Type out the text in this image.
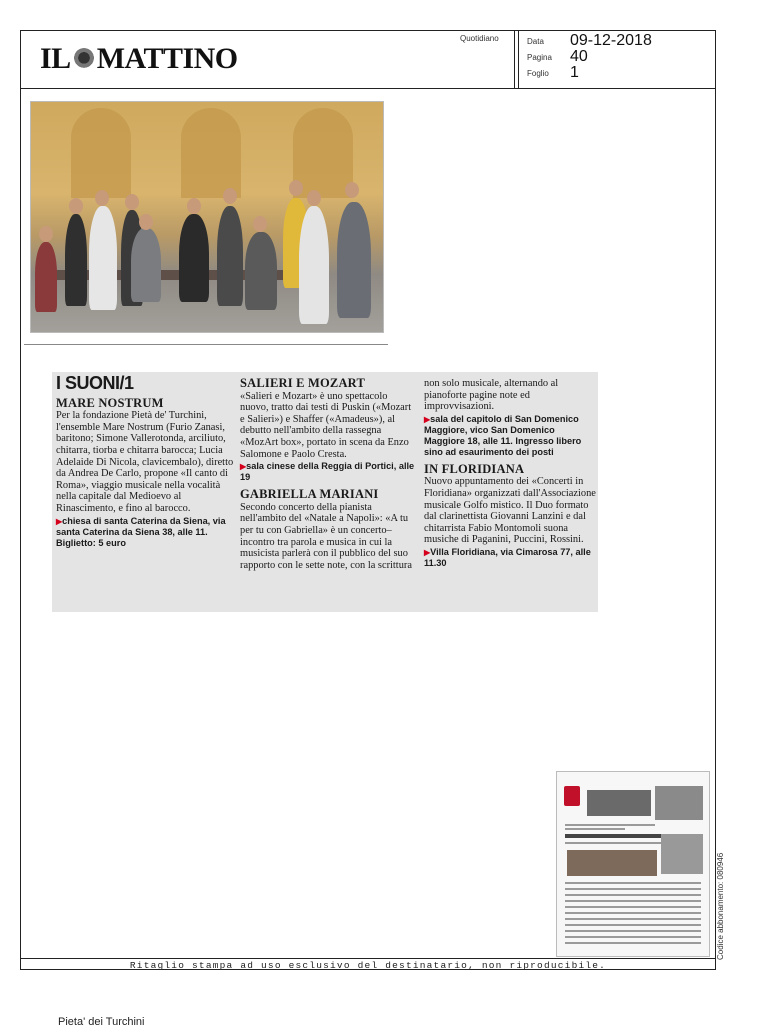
IL MATTINO
Quotidiano	Data 09-12-2018
Pagina 40
Foglio 1

I SUONI/1

MARE NOSTRUM

Per la fondazione Pietà de' Turchini, l'ensemble Mare Nostrum (Furio Zanasi, baritono; Simone Vallerotonda, arciliuto, chitarra, tiorba e chitarra barocca; Lucia Adelaide Di Nicola, clavicembalo), diretto da Andrea De Carlo, propone «Il canto di Roma», viaggio musicale nella vocalità nella capitale dal Medioevo al Rinascimento, e fino al barocco.

▶chiesa di santa Caterina da Siena, via santa Caterina da Siena 38, alle 11. Biglietto: 5 euro

SALIERI E MOZART

«Salieri e Mozart» è uno spettacolo nuovo, tratto dai testi di Puskin («Mozart e Salieri») e Shaffer («Amadeus»), al debutto nell'ambito della rassegna «MozArt box», portato in scena da Enzo Salomone e Paolo Cresta.

▶sala cinese della Reggia di Portici, alle 19

GABRIELLA MARIANI

Secondo concerto della pianista nell'ambito del «Natale a Napoli»: «A tu per tu con Gabriella» è un concerto–incontro tra parola e musica in cui la musicista parlerà con il pubblico del suo rapporto con le sette note, con la scrittura

non solo musicale, alternando al pianoforte pagine note ed improvvisazioni.

▶sala del capitolo di San Domenico Maggiore, vico San Domenico Maggiore 18, alle 11. Ingresso libero sino ad esaurimento dei posti

IN FLORIDIANA

Nuovo appuntamento dei «Concerti in Floridiana» organizzati dall'Associazione musicale Golfo mistico. Il Duo formato dal clarinettista Giovanni Lanzini e dal chitarrista Fabio Montomoli suona musiche di Paganini, Puccini, Rossini.

▶Villa Floridiana, via Cimarosa 77, alle 11.30

Codice abbonamento: 080946
Ritaglio stampa ad uso esclusivo del destinatario, non riproducibile.
Pieta' dei Turchini
